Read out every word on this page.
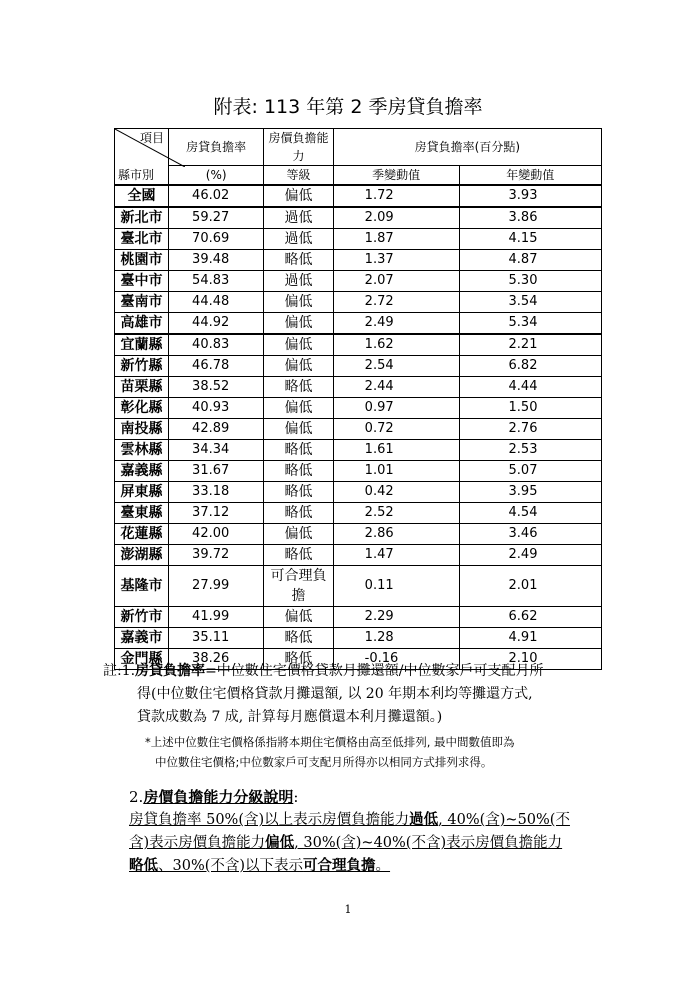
附表: 113 年第 2 季房貸負擔率
項目
縣市別	房貸負擔率	房價負擔能力	房貸負擔率(百分點)	
	(%)	等級	季變動值	年變動值
全國	46.02	偏低	1.72	3.93
新北市	59.27	過低	2.09	3.86
臺北市	70.69	過低	1.87	4.15
桃園市	39.48	略低	1.37	4.87
臺中市	54.83	過低	2.07	5.30
臺南市	44.48	偏低	2.72	3.54
高雄市	44.92	偏低	2.49	5.34
宜蘭縣	40.83	偏低	1.62	2.21
新竹縣	46.78	偏低	2.54	6.82
苗栗縣	38.52	略低	2.44	4.44
彰化縣	40.93	偏低	0.97	1.50
南投縣	42.89	偏低	0.72	2.76
雲林縣	34.34	略低	1.61	2.53
嘉義縣	31.67	略低	1.01	5.07
屏東縣	33.18	略低	0.42	3.95
臺東縣	37.12	略低	2.52	4.54
花蓮縣	42.00	偏低	2.86	3.46
澎湖縣	39.72	略低	1.47	2.49
基隆市	27.99	可合理負擔	0.11	2.01
新竹市	41.99	偏低	2.29	6.62
嘉義市	35.11	略低	1.28	4.91
金門縣	38.26	略低	-0.16	2.10
註:1.房貸負擔率=中位數住宅價格貸款月攤還額/中位數家戶可支配月所
得(中位數住宅價格貸款月攤還額, 以 20 年期本利均等攤還方式,
貸款成數為 7 成, 計算每月應償還本利月攤還額。)
*上述中位數住宅價格係指將本期住宅價格由高至低排列, 最中間數值即為
中位數住宅價格;中位數家戶可支配月所得亦以相同方式排列求得。
2.房價負擔能力分級說明:
房貸負擔率 50%(含)以上表示房價負擔能力過低, 40%(含)~50%(不
含)表示房價負擔能力偏低, 30%(含)~40%(不含)表示房價負擔能力
略低、30%(不含)以下表示可合理負擔。
1
